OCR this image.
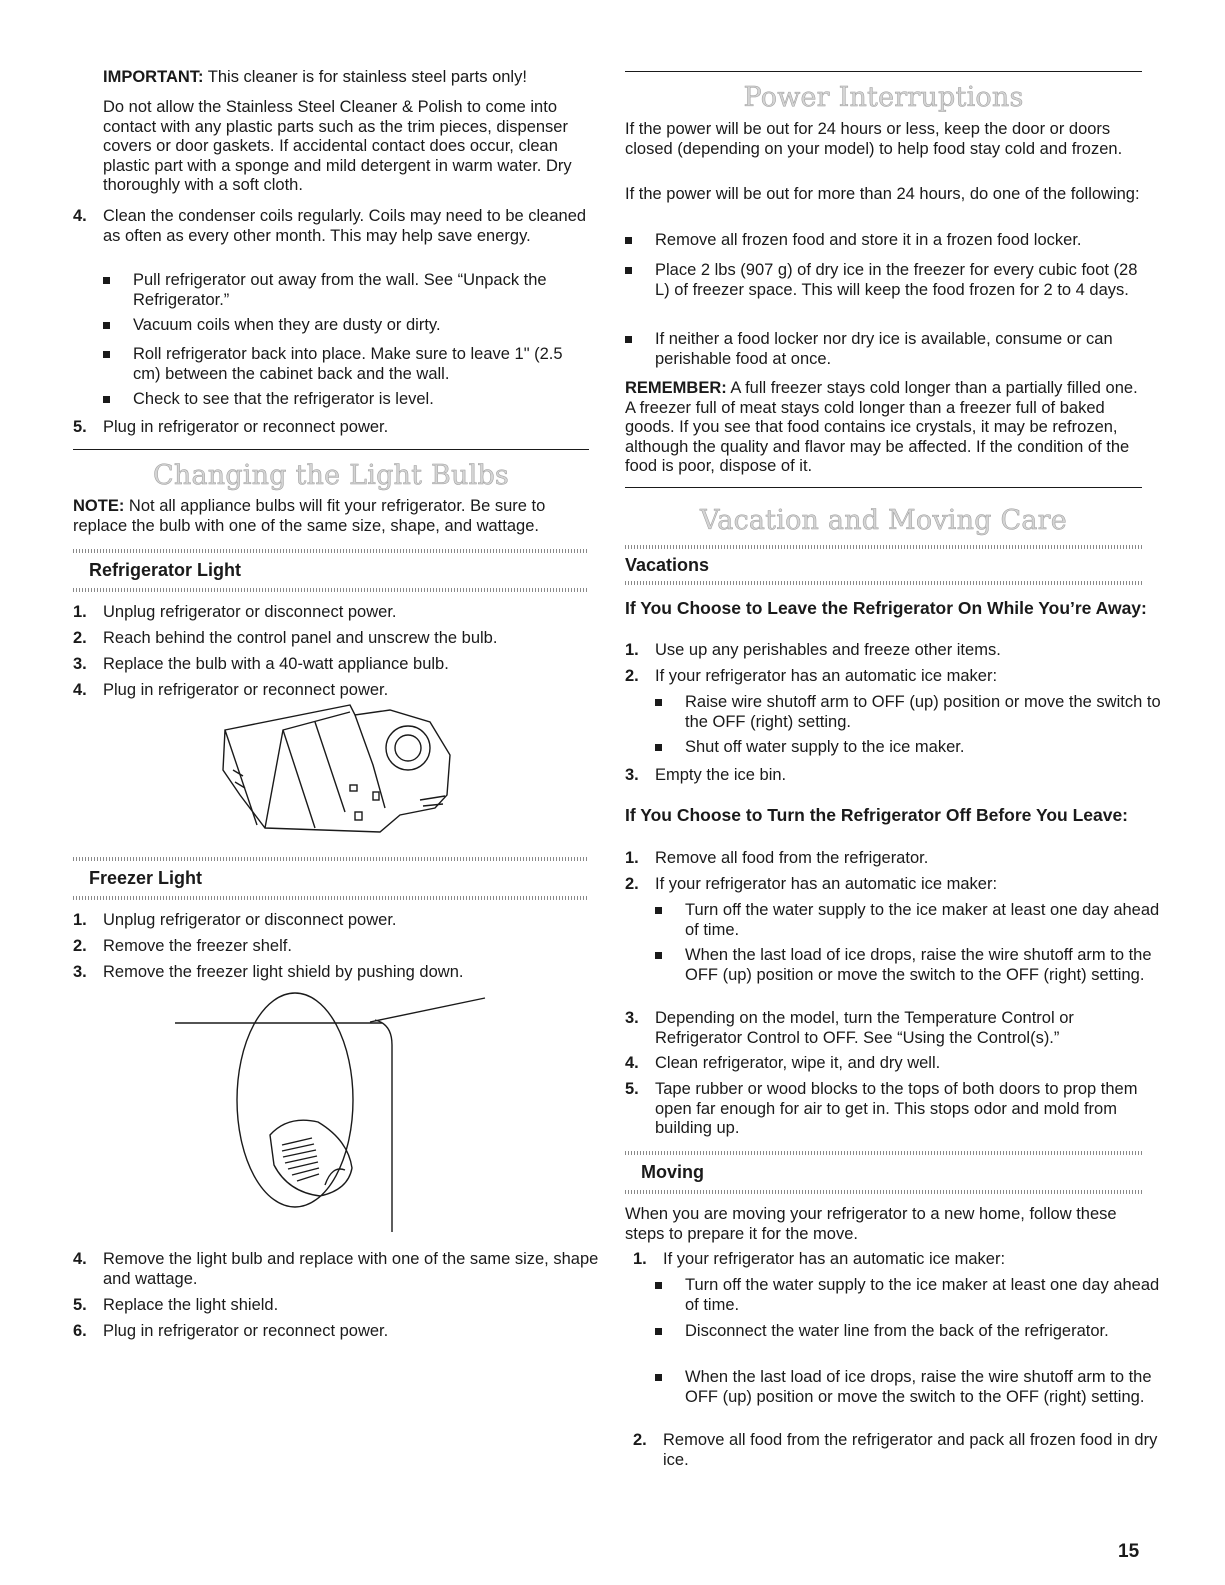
IMPORTANT: This cleaner is for stainless steel parts only!

Do not allow the Stainless Steel Cleaner & Polish to come into contact with any plastic parts such as the trim pieces, dispenser covers or door gaskets. If accidental contact does occur, clean plastic part with a sponge and mild detergent in warm water. Dry thoroughly with a soft cloth.

4. Clean the condenser coils regularly. Coils may need to be cleaned as often as every other month. This may help save energy.
Pull refrigerator out away from the wall. See “Unpack the Refrigerator.”
Vacuum coils when they are dusty or dirty.
Roll refrigerator back into place. Make sure to leave 1" (2.5 cm) between the cabinet back and the wall.
Check to see that the refrigerator is level.
5. Plug in refrigerator or reconnect power.
Changing the Light Bulbs

NOTE: Not all appliance bulbs will fit your refrigerator. Be sure to replace the bulb with one of the same size, shape, and wattage.

Refrigerator Light
1. Unplug refrigerator or disconnect power.
2. Reach behind the control panel and unscrew the bulb.
3. Replace the bulb with a 40-watt appliance bulb.
4. Plug in refrigerator or reconnect power.
Freezer Light
1. Unplug refrigerator or disconnect power.
2. Remove the freezer shelf.
3. Remove the freezer light shield by pushing down.
4. Remove the light bulb and replace with one of the same size, shape and wattage.
5. Replace the light shield.
6. Plug in refrigerator or reconnect power.
Power Interruptions

If the power will be out for 24 hours or less, keep the door or doors closed (depending on your model) to help food stay cold and frozen.

If the power will be out for more than 24 hours, do one of the following:

Remove all frozen food and store it in a frozen food locker.
Place 2 lbs (907 g) of dry ice in the freezer for every cubic foot (28 L) of freezer space. This will keep the food frozen for 2 to 4 days.
If neither a food locker nor dry ice is available, consume or can perishable food at once.

REMEMBER: A full freezer stays cold longer than a partially filled one. A freezer full of meat stays cold longer than a freezer full of baked goods. If you see that food contains ice crystals, it may be refrozen, although the quality and flavor may be affected. If the condition of the food is poor, dispose of it.

Vacation and Moving Care
Vacations
If You Choose to Leave the Refrigerator On While You’re Away:
1. Use up any perishables and freeze other items.
2. If your refrigerator has an automatic ice maker:
Raise wire shutoff arm to OFF (up) position or move the switch to the OFF (right) setting.
Shut off water supply to the ice maker.
3. Empty the ice bin.
If You Choose to Turn the Refrigerator Off Before You Leave:
1. Remove all food from the refrigerator.
2. If your refrigerator has an automatic ice maker:
Turn off the water supply to the ice maker at least one day ahead of time.
When the last load of ice drops, raise the wire shutoff arm to the OFF (up) position or move the switch to the OFF (right) setting.
3. Depending on the model, turn the Temperature Control or Refrigerator Control to OFF. See “Using the Control(s).”
4. Clean refrigerator, wipe it, and dry well.
5. Tape rubber or wood blocks to the tops of both doors to prop them open far enough for air to get in. This stops odor and mold from building up.
Moving

When you are moving your refrigerator to a new home, follow these steps to prepare it for the move.

1. If your refrigerator has an automatic ice maker:
Turn off the water supply to the ice maker at least one day ahead of time.
Disconnect the water line from the back of the refrigerator.
When the last load of ice drops, raise the wire shutoff arm to the OFF (up) position or move the switch to the OFF (right) setting.
2. Remove all food from the refrigerator and pack all frozen food in dry ice.
15
